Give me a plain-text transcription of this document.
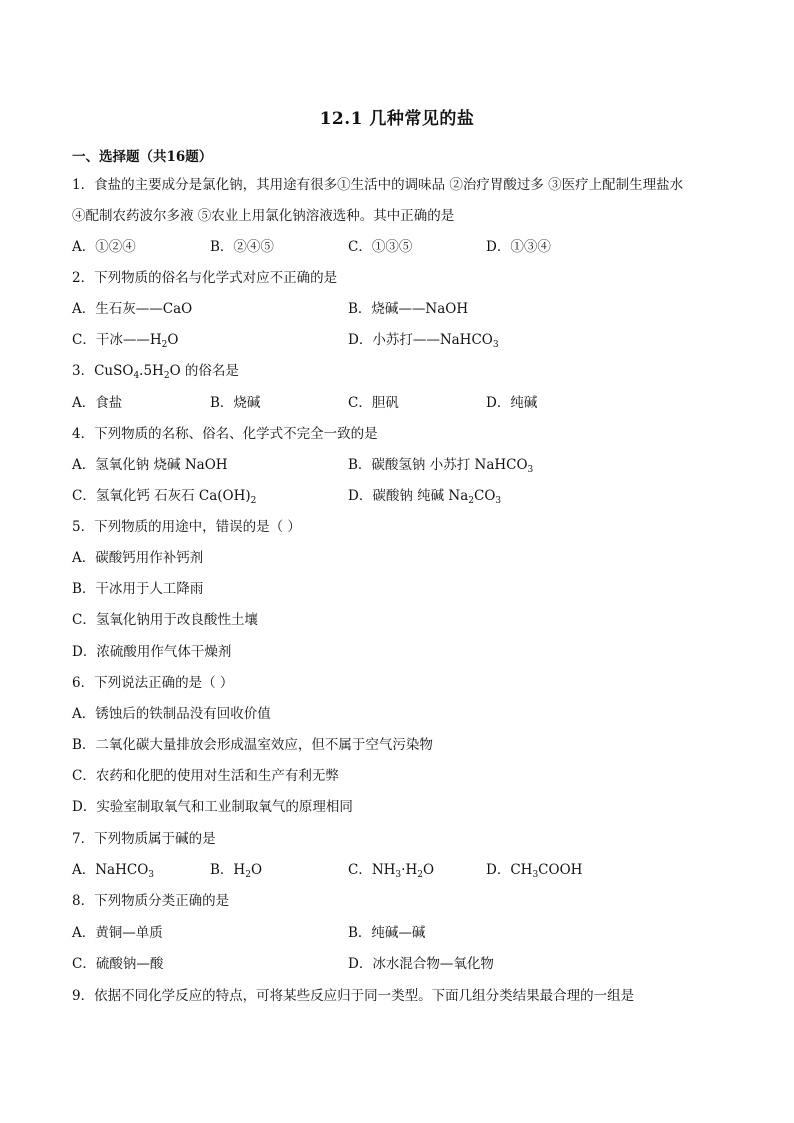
12.1 几种常见的盐
一、选择题（共16题）
1．食盐的主要成分是氯化钠，其用途有很多①生活中的调味品 ②治疗胃酸过多 ③医疗上配制生理盐水
④配制农药波尔多液 ⑤农业上用氯化钠溶液选种。其中正确的是
A．①②④	B．②④⑤	C．①③⑤	D．①③④
2．下列物质的俗名与化学式对应不正确的是
A．生石灰——CaO	B．烧碱——NaOH
C．干冰$——H_2O$	D．小苏打——NaHCO$_3$
3．$CuSO_4.5H_2O$ 的俗名是
A．食盐	B．烧碱	C．胆矾	D．纯碱
4．下列物质的名称、俗名、化学式不完全一致的是
A．氢氧化钠 烧碱 NaOH	B．碳酸氢钠 小苏打 NaHCO$_3$
C．氢氧化钙 石灰石 $Ca(OH)_2$	D．碳酸钠 纯碱 $Na_2CO_3$
5．下列物质的用途中，错误的是（ ）
A．碳酸钙用作补钙剂
B．干冰用于人工降雨
C．氢氧化钠用于改良酸性土壤
D．浓硫酸用作气体干燥剂
6．下列说法正确的是（ ）
A．锈蚀后的铁制品没有回收价值
B．二氧化碳大量排放会形成温室效应，但不属于空气污染物
C．农药和化肥的使用对生活和生产有利无弊
D．实验室制取氧气和工业制取氧气的原理相同
7．下列物质属于碱的是
A．NaHCO$_3$	B．$H_2O$	C．$NH_3\cdot H_2O$	D．$CH_3COOH$
8．下列物质分类正确的是
A．黄铜—单质	B．纯碱—碱
C．硫酸钠—酸	D．冰水混合物—氧化物
9．依据不同化学反应的特点，可将某些反应归于同一类型。下面几组分类结果最合理的一组是
